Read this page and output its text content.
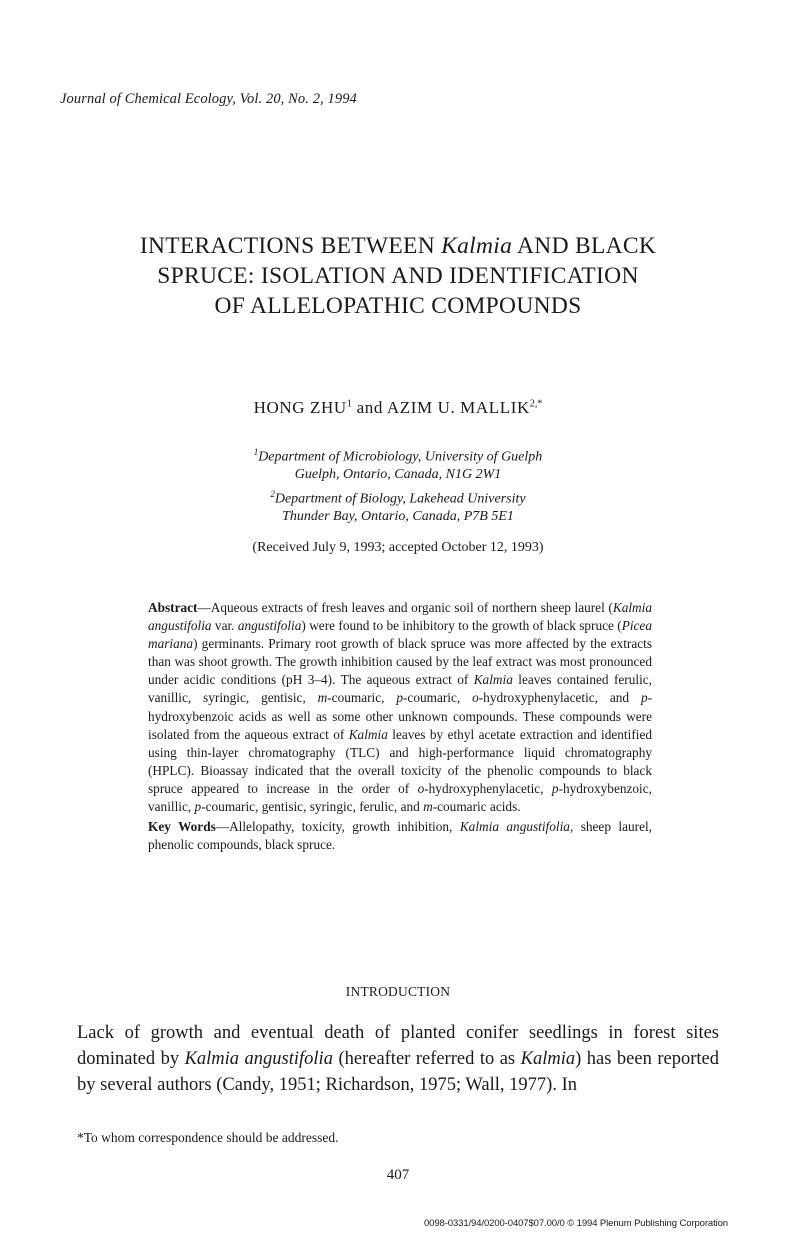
Journal of Chemical Ecology, Vol. 20, No. 2, 1994
INTERACTIONS BETWEEN Kalmia AND BLACK
SPRUCE: ISOLATION AND IDENTIFICATION
OF ALLELOPATHIC COMPOUNDS
HONG ZHU$^1$ and AZIM U. $MALLIK^{2,*}$
$^1$Department of Microbiology, University of Guelph
Guelph, Ontario, Canada, N1G 2W1
$^2$Department of Biology, Lakehead University
Thunder Bay, Ontario, Canada, P7B 5E1
(Received July 9, 1993; accepted October 12, 1993)
Abstract—Aqueous extracts of fresh leaves and organic soil of northern sheep laurel (Kalmia angustifolia var. angustifolia) were found to be inhibitory to the growth of black spruce (Picea mariana) germinants. Primary root growth of black spruce was more affected by the extracts than was shoot growth. The growth inhibition caused by the leaf extract was most pronounced under acidic conditions (pH 3–4). The aqueous extract of Kalmia leaves contained ferulic, vanillic, syringic, gentisic, m-coumaric, p-coumaric, o-hydroxyphenylacetic, and p-hydroxybenzoic acids as well as some other unknown compounds. These compounds were isolated from the aqueous extract of Kalmia leaves by ethyl acetate extraction and identified using thin-layer chromatography (TLC) and high-performance liquid chromatography (HPLC). Bioassay indicated that the overall toxicity of the phenolic compounds to black spruce appeared to increase in the order of o-hydroxyphenylacetic, p-hydroxybenzoic, vanillic, p-coumaric, gentisic, syringic, ferulic, and m-coumaric acids.
Key Words—Allelopathy, toxicity, growth inhibition, Kalmia angustifolia, sheep laurel, phenolic compounds, black spruce.
INTRODUCTION
Lack of growth and eventual death of planted conifer seedlings in forest sites dominated by Kalmia angustifolia (hereafter referred to as Kalmia) has been reported by several authors (Candy, 1951; Richardson, 1975; Wall, 1977). In
*To whom correspondence should be addressed.
407
0098-0331/94/0200-0407$07.00/0 © 1994 Plenum Publishing Corporation
